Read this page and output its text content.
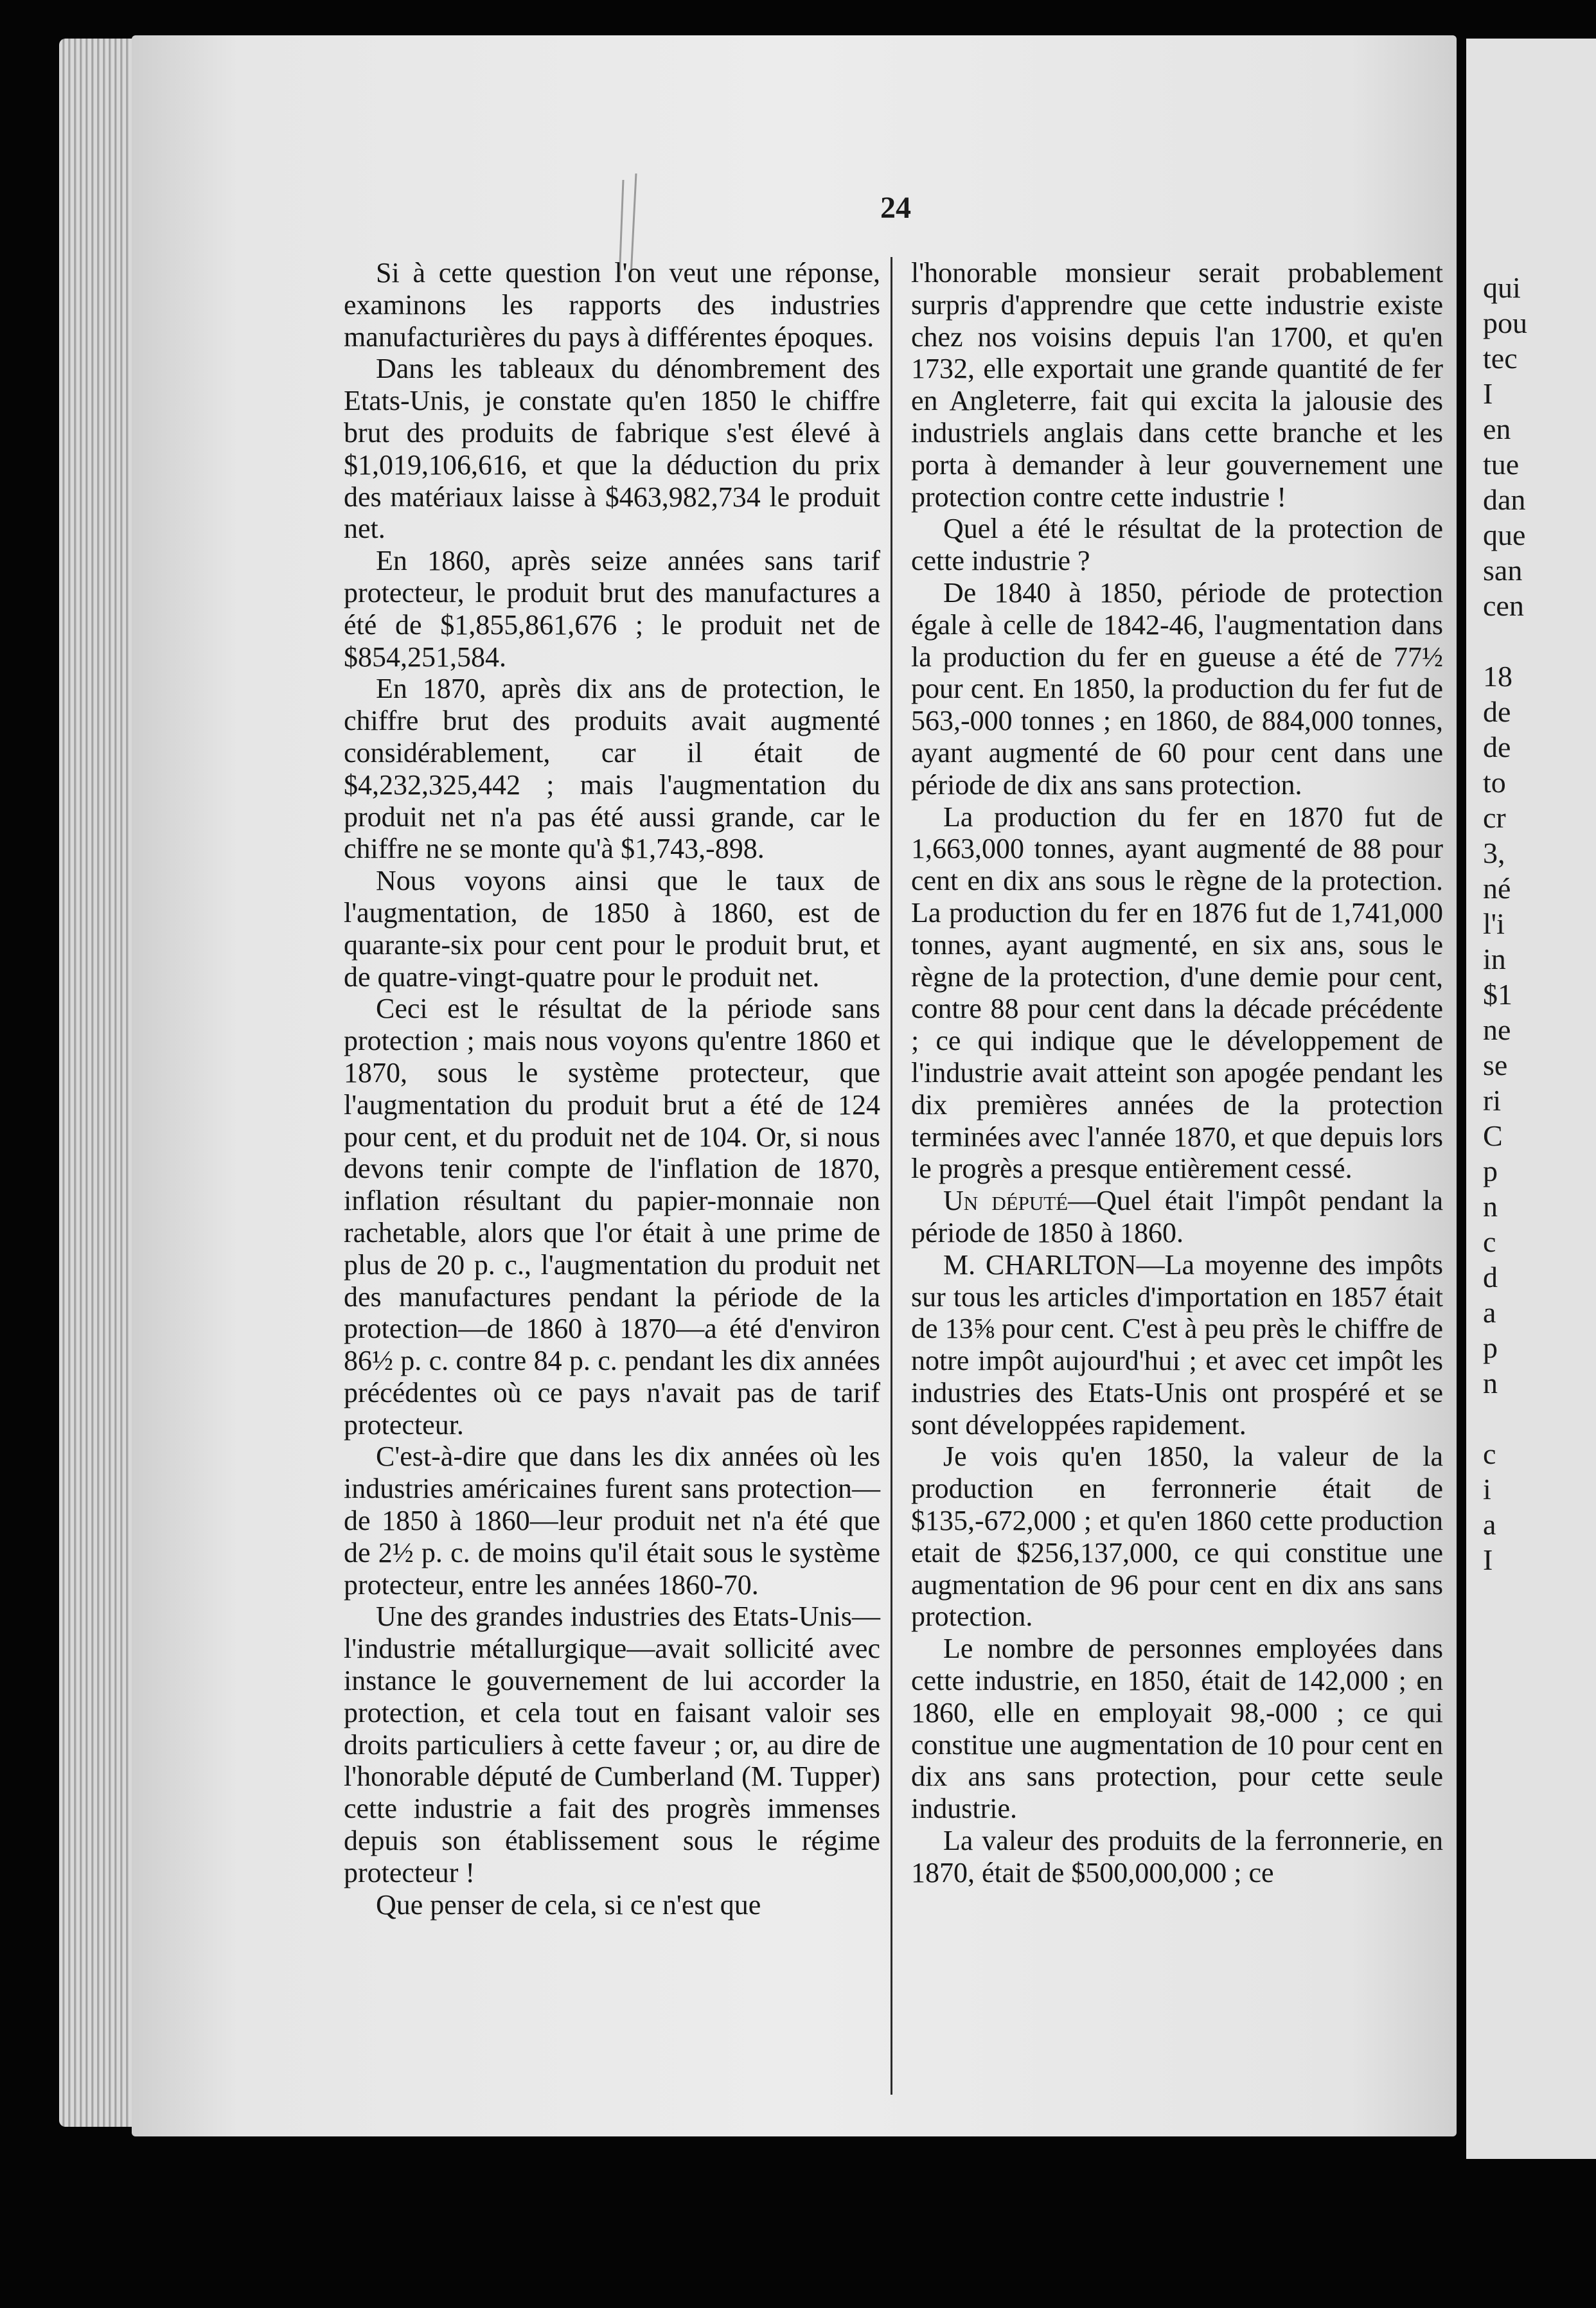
24

Si à cette question l'on veut une réponse, examinons les rapports des industries manufacturières du pays à différentes époques.

Dans les tableaux du dénombrement des Etats-Unis, je constate qu'en 1850 le chiffre brut des produits de fabrique s'est élevé à $1,019,106,616, et que la déduction du prix des matériaux laisse à $463,982,734 le produit net.

En 1860, après seize années sans tarif protecteur, le produit brut des manufactures a été de $1,855,861,676 ; le produit net de $854,251,584.

En 1870, après dix ans de protection, le chiffre brut des produits avait augmenté considérablement, car il était de $4,232,325,442 ; mais l'augmentation du produit net n'a pas été aussi grande, car le chiffre ne se monte qu'à $1,743,-898.

Nous voyons ainsi que le taux de l'augmentation, de 1850 à 1860, est de quarante-six pour cent pour le produit brut, et de quatre-vingt-quatre pour le produit net.

Ceci est le résultat de la période sans protection ; mais nous voyons qu'entre 1860 et 1870, sous le système protecteur, que l'augmentation du produit brut a été de 124 pour cent, et du produit net de 104. Or, si nous devons tenir compte de l'inflation de 1870, inflation résultant du papier-monnaie non rachetable, alors que l'or était à une prime de plus de 20 p. c., l'augmentation du produit net des manufactures pendant la période de la protection—de 1860 à 1870—a été d'environ 86½ p. c. contre 84 p. c. pendant les dix années précédentes où ce pays n'avait pas de tarif protecteur.

C'est-à-dire que dans les dix années où les industries américaines furent sans protection—de 1850 à 1860—leur produit net n'a été que de 2½ p. c. de moins qu'il était sous le système protecteur, entre les années 1860-70.

Une des grandes industries des Etats-Unis—l'industrie métallurgique—avait sollicité avec instance le gouvernement de lui accorder la protection, et cela tout en faisant valoir ses droits particuliers à cette faveur ; or, au dire de l'honorable député de Cumberland (M. Tupper) cette industrie a fait des progrès immenses depuis son établissement sous le régime protecteur !

Que penser de cela, si ce n'est que

l'honorable monsieur serait probablement surpris d'apprendre que cette industrie existe chez nos voisins depuis l'an 1700, et qu'en 1732, elle exportait une grande quantité de fer en Angleterre, fait qui excita la jalousie des industriels anglais dans cette branche et les porta à demander à leur gouvernement une protection contre cette industrie !

Quel a été le résultat de la protection de cette industrie ?

De 1840 à 1850, période de protection égale à celle de 1842-46, l'augmentation dans la production du fer en gueuse a été de 77½ pour cent. En 1850, la production du fer fut de 563,-000 tonnes ; en 1860, de 884,000 tonnes, ayant augmenté de 60 pour cent dans une période de dix ans sans protection.

La production du fer en 1870 fut de 1,663,000 tonnes, ayant augmenté de 88 pour cent en dix ans sous le règne de la protection. La production du fer en 1876 fut de 1,741,000 tonnes, ayant augmenté, en six ans, sous le règne de la protection, d'une demie pour cent, contre 88 pour cent dans la décade précédente ; ce qui indique que le développement de l'industrie avait atteint son apogée pendant les dix premières années de la protection terminées avec l'année 1870, et que depuis lors le progrès a presque entièrement cessé.

Un député—Quel était l'impôt pendant la période de 1850 à 1860.

M. CHARLTON—La moyenne des impôts sur tous les articles d'importation en 1857 était de 13⅝ pour cent. C'est à peu près le chiffre de notre impôt aujourd'hui ; et avec cet impôt les industries des Etats-Unis ont prospéré et se sont développées rapidement.

Je vois qu'en 1850, la valeur de la production en ferronnerie était de $135,-672,000 ; et qu'en 1860 cette production etait de $256,137,000, ce qui constitue une augmentation de 96 pour cent en dix ans sans protection.

Le nombre de personnes employées dans cette industrie, en 1850, était de 142,000 ; en 1860, elle en employait 98,-000 ; ce qui constitue une augmentation de 10 pour cent en dix ans sans protection, pour cette seule industrie.

La valeur des produits de la ferronnerie, en 1870, était de $500,000,000 ; ce

qui
pou
tec
I
en
tue
dan
que
san
cen

18
de
de
to
cr
3,
né
l'i
in
$1
ne
se
ri
C
p
n
c
d
a
p
n

c
i
a
I
